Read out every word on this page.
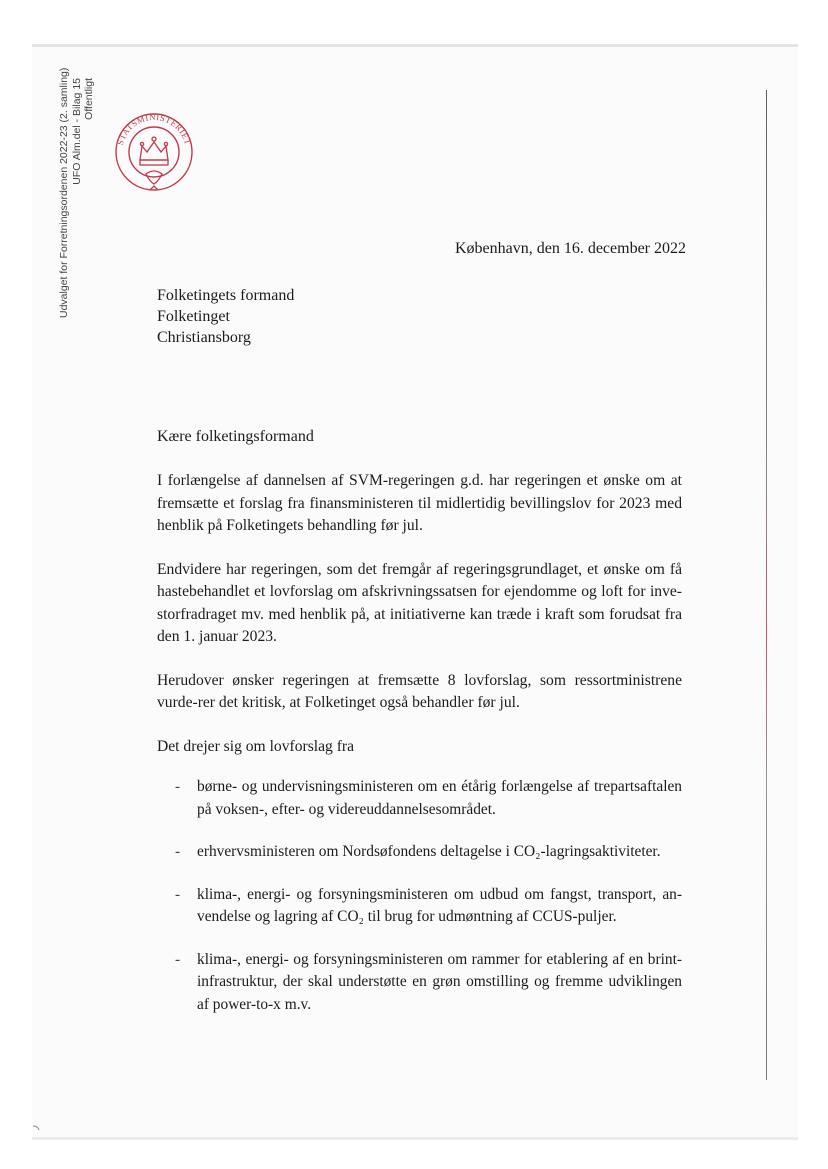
Udvalget for Forretningsordenen 2022-23 (2. samling) UFO Alm.del - Bilag 15 Offentligt
STATSMINISTERIET
København, den 16. december 2022
Folketingets formand
Folketinget
Christiansborg
Kære folketingsformand

I forlængelse af dannelsen af SVM-regeringen g.d. har regeringen et ønske om at fremsætte et forslag fra finansministeren til midlertidig bevillingslov for 2023 med henblik på Folketingets behandling før jul.

Endvidere har regeringen, som det fremgår af regeringsgrundlaget, et ønske om få hastebehandlet et lovforslag om afskrivningssatsen for ejendomme og loft for inve-storfradraget mv. med henblik på, at initiativerne kan træde i kraft som forudsat fra den 1. januar 2023.

Herudover ønsker regeringen at fremsætte 8 lovforslag, som ressortministrene vurde-rer det kritisk, at Folketinget også behandler før jul.

Det drejer sig om lovforslag fra

- børne- og undervisningsministeren om en étårig forlængelse af trepartsaftalen på voksen-, efter- og videreuddannelsesområdet.
- erhvervsministeren om Nordsøfondens deltagelse i CO₂-lagringsaktiviteter.
- klima-, energi- og forsyningsministeren om udbud om fangst, transport, an-vendelse og lagring af CO₂ til brug for udmøntning af CCUS-puljer.
- klima-, energi- og forsyningsministeren om rammer for etablering af en brint-infrastruktur, der skal understøtte en grøn omstilling og fremme udviklingen af power-to-x m.v.
